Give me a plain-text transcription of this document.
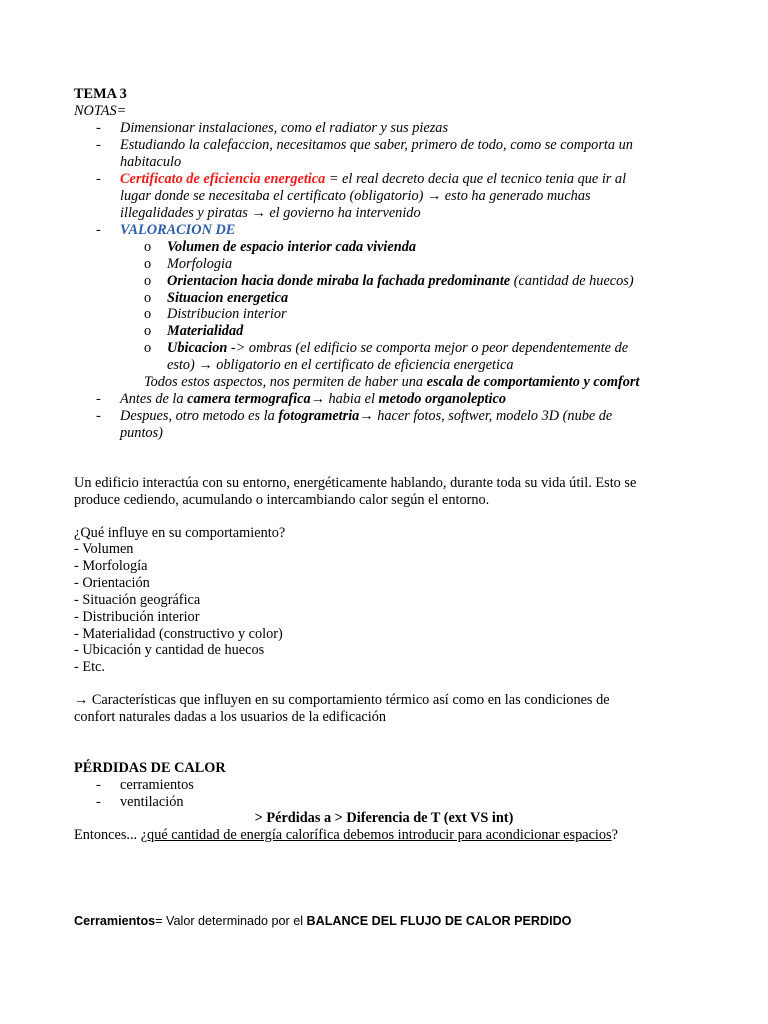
TEMA 3
NOTAS=
- Dimensionar instalaciones, como el radiator y sus piezas
- Estudiando la calefaccion, necesitamos que saber, primero de todo, como se comporta un
habitaculo
- Certificato de eficiencia energetica = el real decreto decia que el tecnico tenia que ir al
lugar donde se necesitaba el certificato (obligatorio) → esto ha generado muchas
illegalidades y piratas → el govierno ha intervenido
- VALORACION DE
o Volumen de espacio interior cada vivienda
o Morfologia
o Orientacion hacia donde miraba la fachada predominante (cantidad de huecos)
o Situacion energetica
o Distribucion interior
o Materialidad
o Ubicacion -> ombras (el edificio se comporta mejor o peor dependentemente de
esto) → obligatorio en el certificato de eficiencia energetica
Todos estos aspectos, nos permiten de haber una escala de comportamiento y comfort
- Antes de la camera termografica→ habia el metodo organoleptico
- Despues, otro metodo es la fotogrametria→ hacer fotos, softwer, modelo 3D (nube de
puntos)
Un edificio interactúa con su entorno, energéticamente hablando, durante toda su vida útil. Esto se
produce cediendo, acumulando o intercambiando calor según el entorno.
¿Qué influye en su comportamiento?
- Volumen
- Morfología
- Orientación
- Situación geográfica
- Distribución interior
- Materialidad (constructivo y color)
- Ubicación y cantidad de huecos
- Etc.
→ Características que influyen en su comportamiento térmico así como en las condiciones de
confort naturales dadas a los usuarios de la edificación
PÉRDIDAS DE CALOR
- cerramientos
- ventilación
> Pérdidas a > Diferencia de T (ext VS int)
Entonces... ¿qué cantidad de energía calorífica debemos introducir para acondicionar espacios?
Cerramientos= Valor determinado por el BALANCE DEL FLUJO DE CALOR PERDIDO
